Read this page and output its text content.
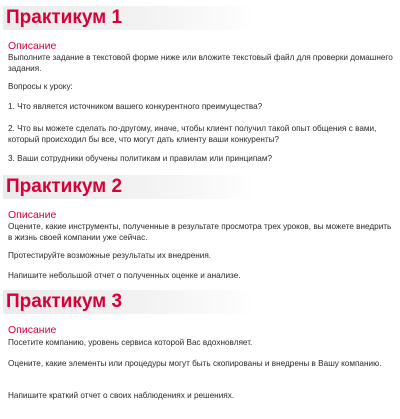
Практикум 1
Описание

Выполните задание в текстовой форме ниже или вложите текстовый файл для проверки домашнего задания.

Вопросы к уроку:

1. Что является источником вашего конкурентного преимущества?

2. Что вы можете сделать по-другому, иначе, чтобы клиент получил такой опыт общения с вами, который происходил бы все, что могут дать клиенту ваши конкуренты?

3. Ваши сотрудники обучены политикам и правилам или принципам?

Практикум 2
Описание

Оцените, какие инструменты, полученные в результате просмотра трех уроков, вы можете внедрить в жизнь своей компании уже сейчас.

Протестируйте возможные результаты их внедрения.

Напишите небольшой отчет о полученных оценке и анализе.

Практикум 3
Описание

Посетите компанию, уровень сервиса которой Вас вдохновляет.

Оцените, какие элементы или процедуры могут быть скопированы и внедрены в Вашу компанию.

Напишите краткий отчет о своих наблюдениях и решениях.
